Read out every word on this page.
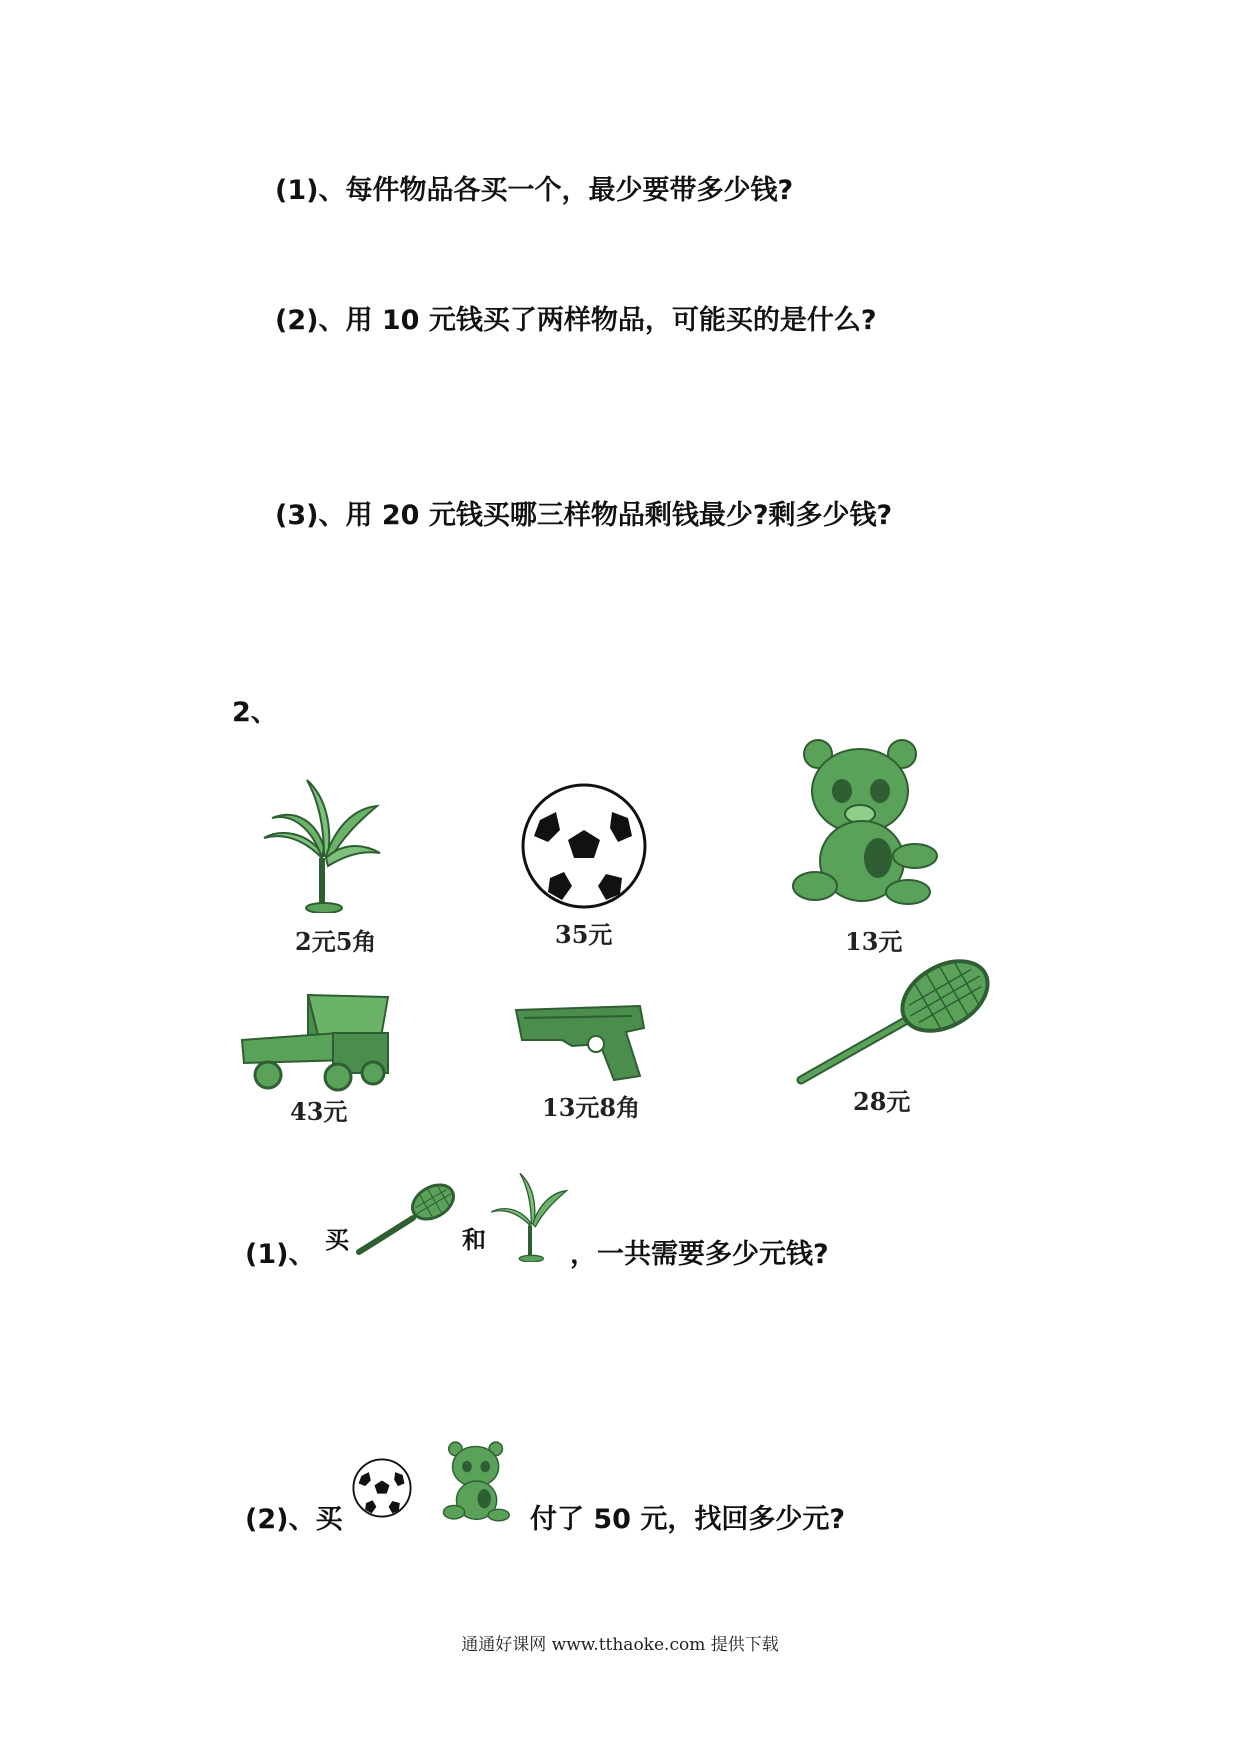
(1)、每件物品各买一个，最少要带多少钱?
(2)、用 10 元钱买了两样物品，可能买的是什么?
(3)、用 20 元钱买哪三样物品剩钱最少?剩多少钱?
2、
2元5角	35元	13元
43元	13元8角	28元
(1)、 买	和	，一共需要多少元钱?
(2)、买	付了 50 元，找回多少元?
通通好课网 www.tthaoke.com 提供下载
